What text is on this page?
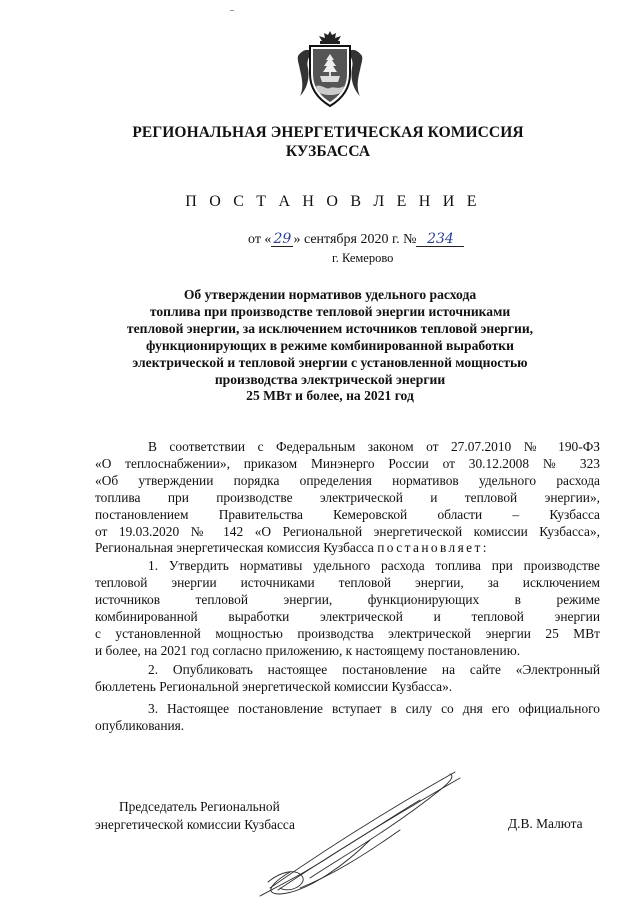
РЕГИОНАЛЬНАЯ ЭНЕРГЕТИЧЕСКАЯ КОМИССИЯ
КУЗБАССА
П О С Т А Н О В Л Е Н И Е
от « 29 » сентября 2020 г. № 234
г. Кемерово
Об утверждении нормативов удельного расхода
топлива при производстве тепловой энергии источниками
тепловой энергии, за исключением источников тепловой энергии,
функционирующих в режиме комбинированной выработки
электрической и тепловой энергии с установленной мощностью
производства электрической энергии
25 МВт и более, на 2021 год
В соответствии с Федеральным законом от 27.07.2010 № 190-ФЗ
«О теплоснабжении», приказом Минэнерго России от 30.12.2008 № 323
«Об утверждении порядка определения нормативов удельного расхода
топлива при производстве электрической и тепловой энергии»,
постановлением Правительства Кемеровской области – Кузбасса
от 19.03.2020 № 142 «О Региональной энергетической комиссии Кузбасса»,
Региональная энергетическая комиссия Кузбасса постановляет:
1. Утвердить нормативы удельного расхода топлива при производстве
тепловой энергии источниками тепловой энергии, за исключением
источников тепловой энергии, функционирующих в режиме
комбинированной выработки электрической и тепловой энергии
с установленной мощностью производства электрической энергии 25 МВт
и более, на 2021 год согласно приложению, к настоящему постановлению.
2. Опубликовать настоящее постановление на сайте «Электронный
бюллетень Региональной энергетической комиссии Кузбасса».
3. Настоящее постановление вступает в силу со дня его официального
опубликования.
Председатель Региональной
энергетической комиссии Кузбасса	Д.В. Малюта
